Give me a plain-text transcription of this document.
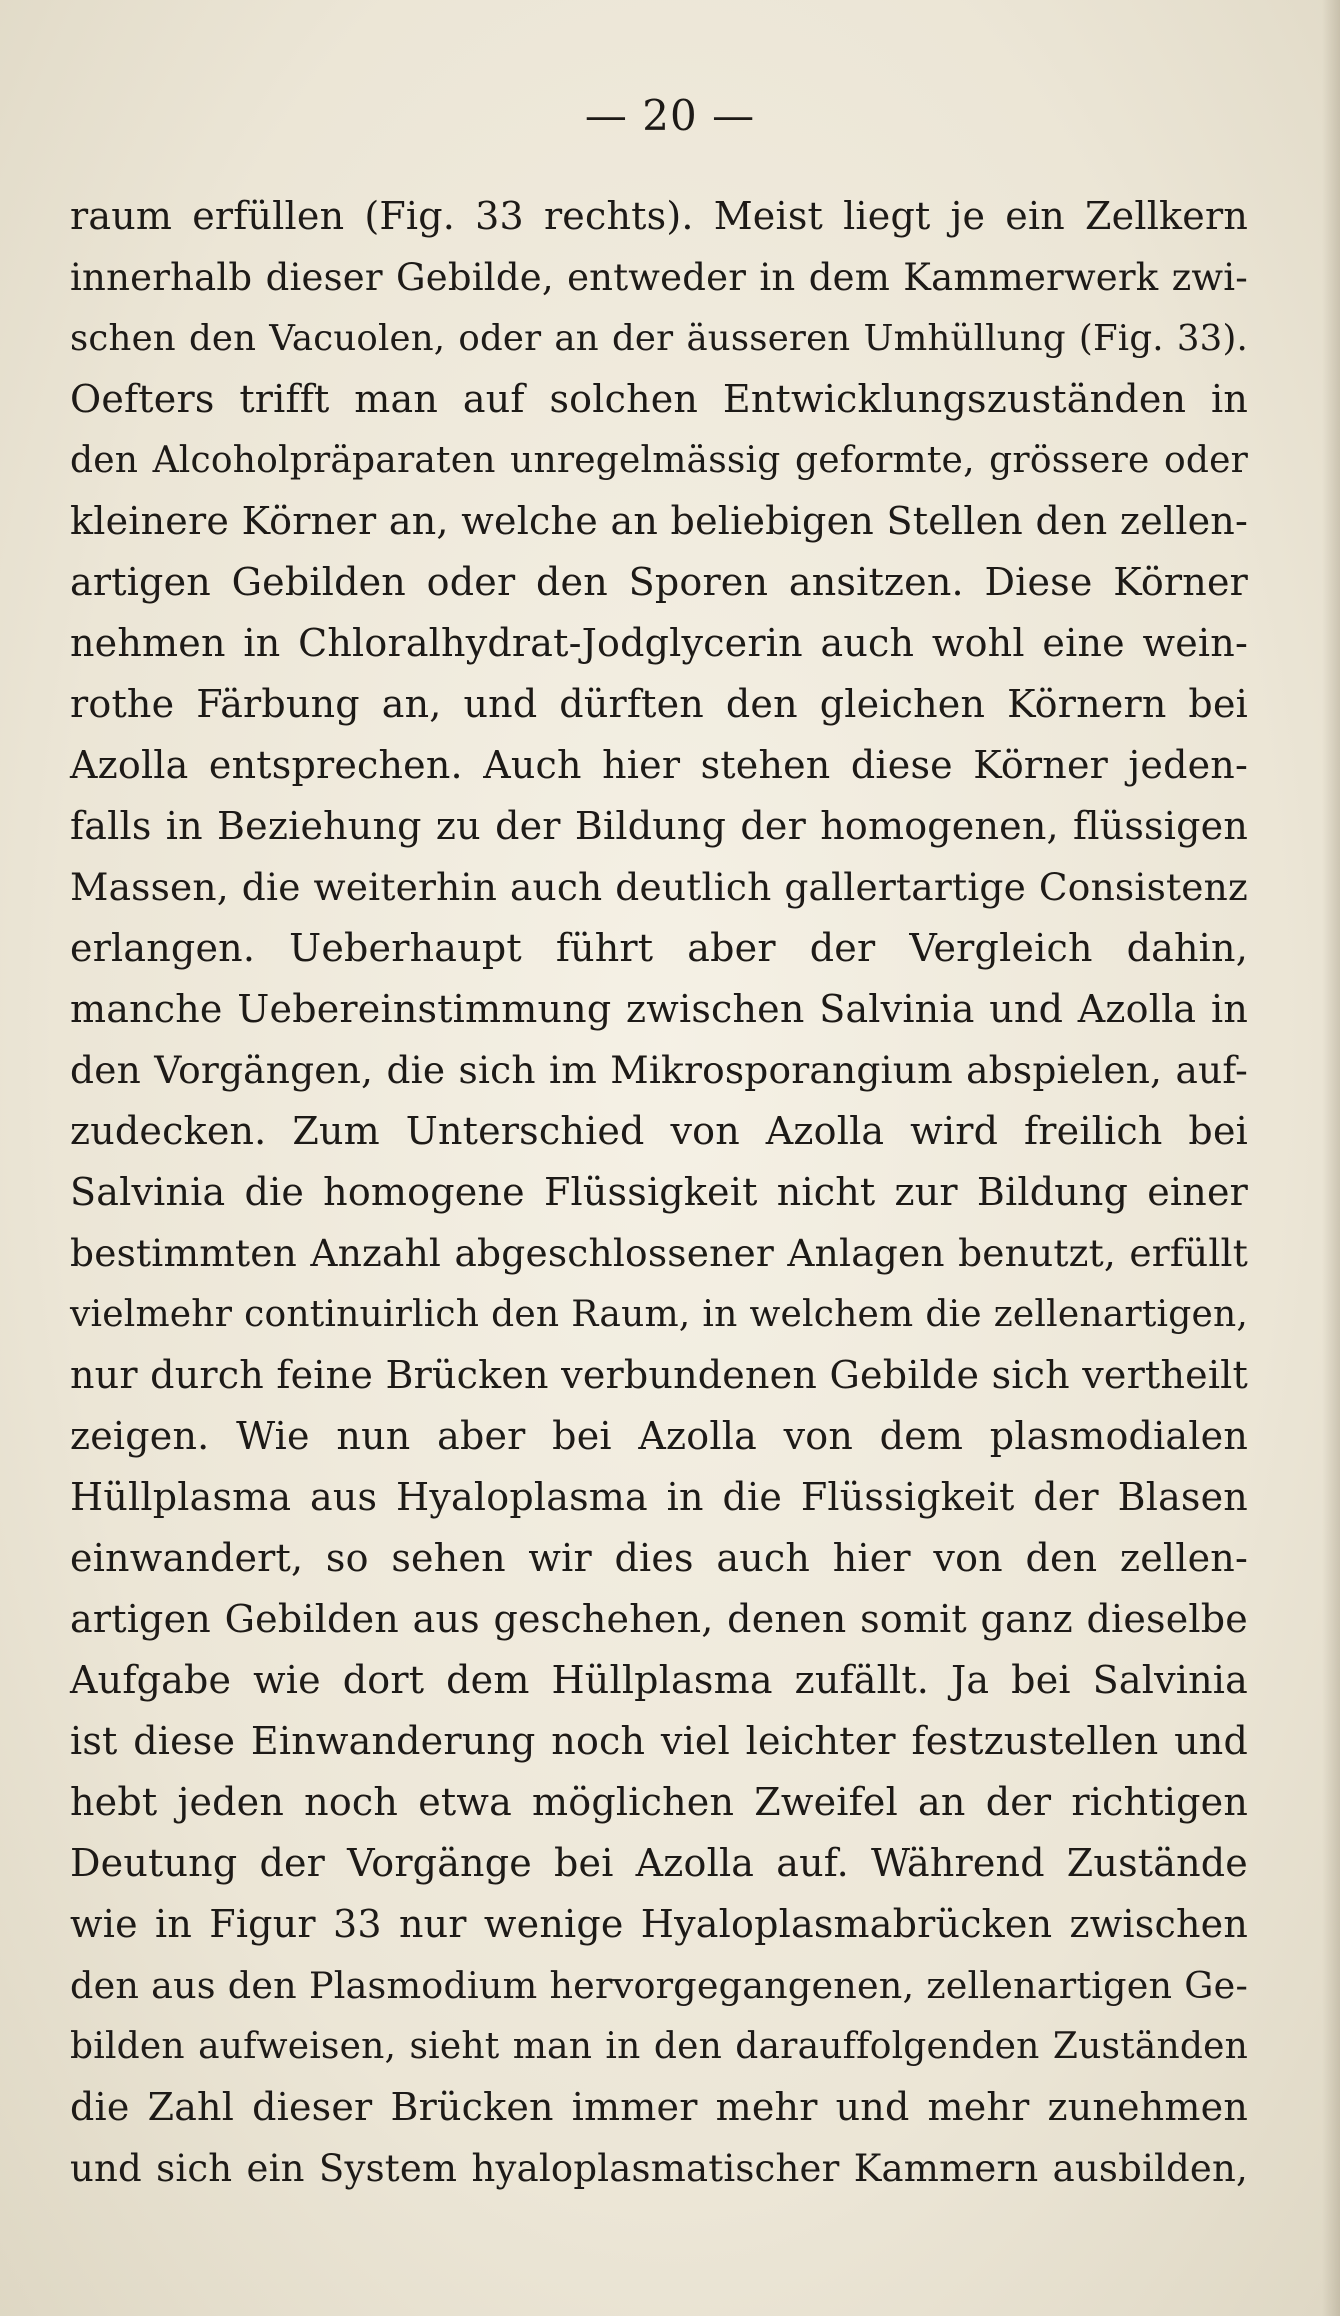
— 20 —
raum erfüllen (Fig. 33 rechts). Meist liegt je ein Zellkern
innerhalb dieser Gebilde, entweder in dem Kammerwerk zwi-
schen den Vacuolen, oder an der äusseren Umhüllung (Fig. 33).
Oefters trifft man auf solchen Entwicklungszuständen in
den Alcoholpräparaten unregelmässig geformte, grössere oder
kleinere Körner an, welche an beliebigen Stellen den zellen-
artigen Gebilden oder den Sporen ansitzen. Diese Körner
nehmen in Chloralhydrat-Jodglycerin auch wohl eine wein-
rothe Färbung an, und dürften den gleichen Körnern bei
Azolla entsprechen. Auch hier stehen diese Körner jeden-
falls in Beziehung zu der Bildung der homogenen, flüssigen
Massen, die weiterhin auch deutlich gallertartige Consistenz
erlangen. Ueberhaupt führt aber der Vergleich dahin,
manche Uebereinstimmung zwischen Salvinia und Azolla in
den Vorgängen, die sich im Mikrosporangium abspielen, auf-
zudecken. Zum Unterschied von Azolla wird freilich bei
Salvinia die homogene Flüssigkeit nicht zur Bildung einer
bestimmten Anzahl abgeschlossener Anlagen benutzt, erfüllt
vielmehr continuirlich den Raum, in welchem die zellenartigen,
nur durch feine Brücken verbundenen Gebilde sich vertheilt
zeigen. Wie nun aber bei Azolla von dem plasmodialen
Hüllplasma aus Hyaloplasma in die Flüssigkeit der Blasen
einwandert, so sehen wir dies auch hier von den zellen-
artigen Gebilden aus geschehen, denen somit ganz dieselbe
Aufgabe wie dort dem Hüllplasma zufällt. Ja bei Salvinia
ist diese Einwanderung noch viel leichter festzustellen und
hebt jeden noch etwa möglichen Zweifel an der richtigen
Deutung der Vorgänge bei Azolla auf. Während Zustände
wie in Figur 33 nur wenige Hyaloplasmabrücken zwischen
den aus den Plasmodium hervorgegangenen, zellenartigen Ge-
bilden aufweisen, sieht man in den darauffolgenden Zuständen
die Zahl dieser Brücken immer mehr und mehr zunehmen
und sich ein System hyaloplasmatischer Kammern ausbilden,
